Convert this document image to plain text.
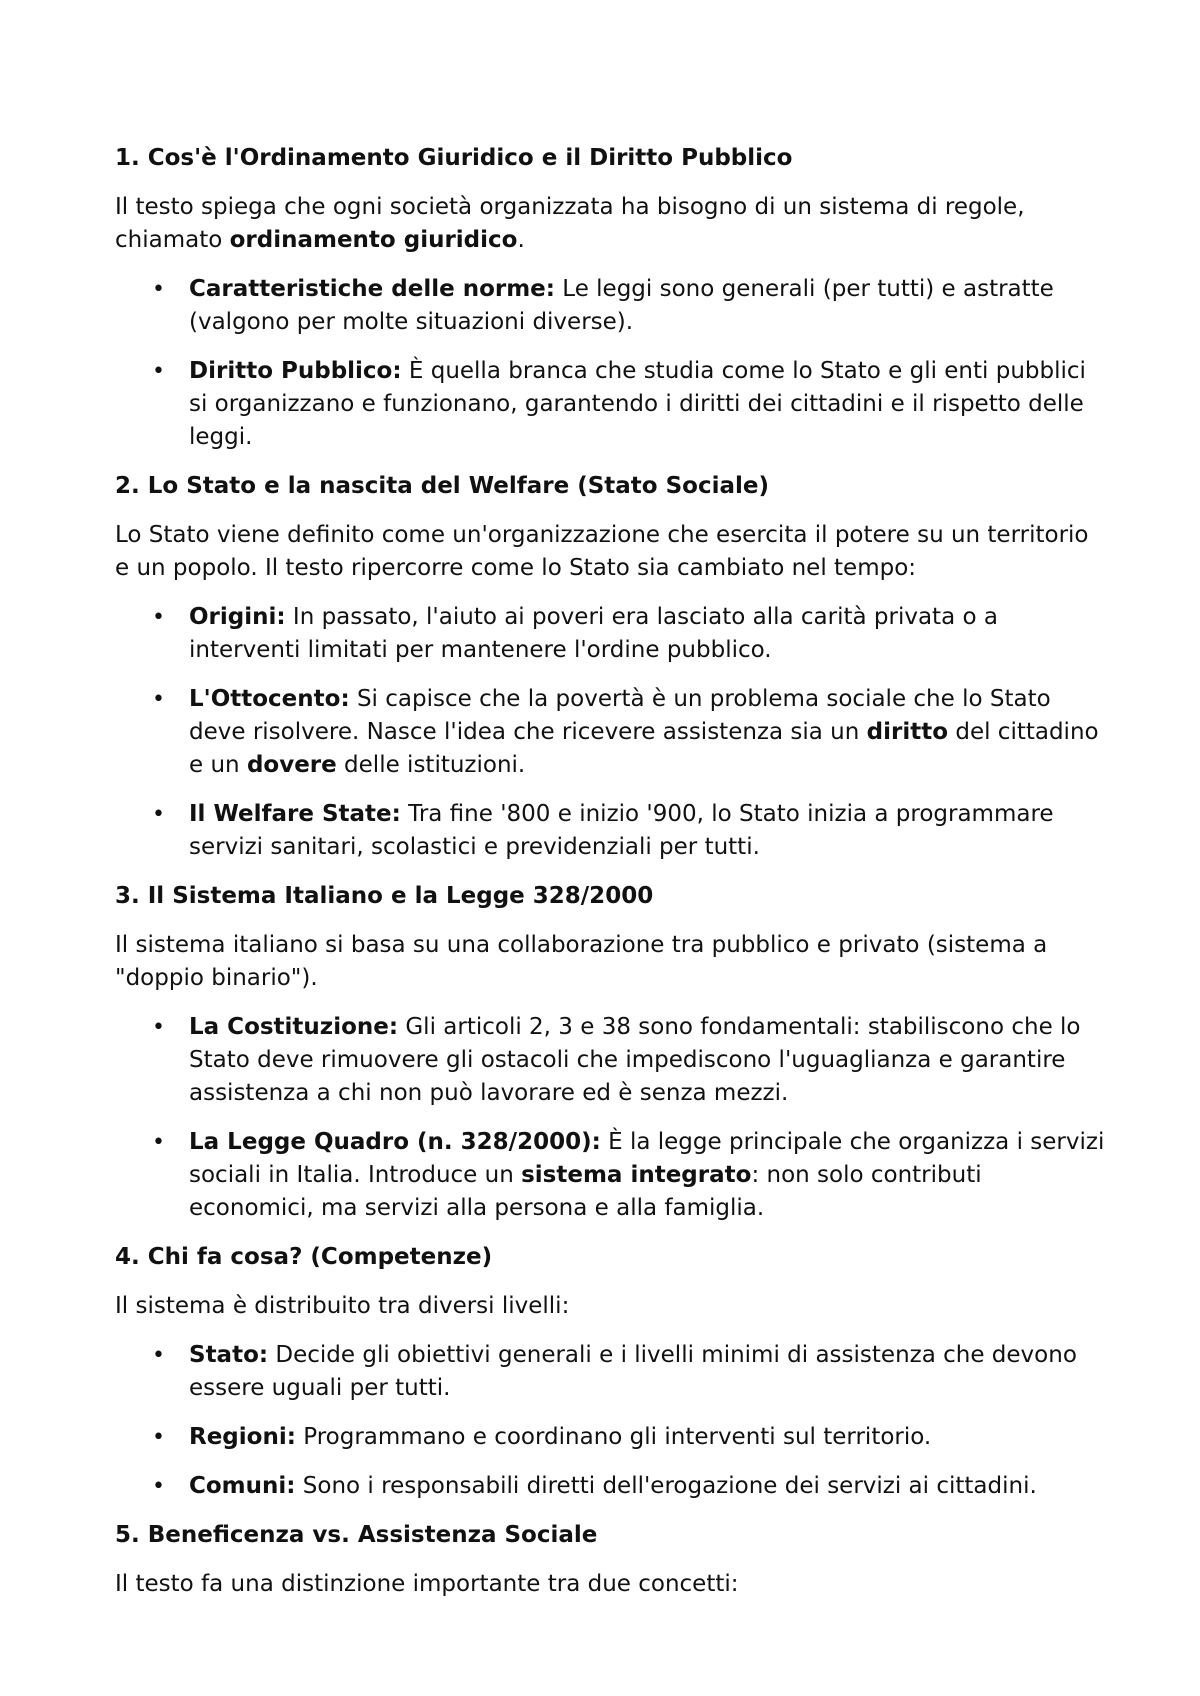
1. Cos'è l'Ordinamento Giuridico e il Diritto Pubblico

Il testo spiega che ogni società organizzata ha bisogno di un sistema di regole, chiamato ordinamento giuridico.

•	Caratteristiche delle norme: Le leggi sono generali (per tutti) e astratte (valgono per molte situazioni diverse).
•	Diritto Pubblico: È quella branca che studia come lo Stato e gli enti pubblici si organizzano e funzionano, garantendo i diritti dei cittadini e il rispetto delle leggi.
2. Lo Stato e la nascita del Welfare (Stato Sociale)

Lo Stato viene definito come un'organizzazione che esercita il potere su un territorio e un popolo. Il testo ripercorre come lo Stato sia cambiato nel tempo:

•	Origini: In passato, l'aiuto ai poveri era lasciato alla carità privata o a interventi limitati per mantenere l'ordine pubblico.
•	L'Ottocento: Si capisce che la povertà è un problema sociale che lo Stato deve risolvere. Nasce l'idea che ricevere assistenza sia un diritto del cittadino e un dovere delle istituzioni.
•	Il Welfare State: Tra fine '800 e inizio '900, lo Stato inizia a programmare servizi sanitari, scolastici e previdenziali per tutti.
3. Il Sistema Italiano e la Legge 328/2000

Il sistema italiano si basa su una collaborazione tra pubblico e privato (sistema a "doppio binario").

•	La Costituzione: Gli articoli 2, 3 e 38 sono fondamentali: stabiliscono che lo Stato deve rimuovere gli ostacoli che impediscono l'uguaglianza e garantire assistenza a chi non può lavorare ed è senza mezzi.
•	La Legge Quadro (n. 328/2000): È la legge principale che organizza i servizi sociali in Italia. Introduce un sistema integrato: non solo contributi economici, ma servizi alla persona e alla famiglia.
4. Chi fa cosa? (Competenze)

Il sistema è distribuito tra diversi livelli:

•	Stato: Decide gli obiettivi generali e i livelli minimi di assistenza che devono essere uguali per tutti.
•	Regioni: Programmano e coordinano gli interventi sul territorio.
•	Comuni: Sono i responsabili diretti dell'erogazione dei servizi ai cittadini.
5. Beneficenza vs. Assistenza Sociale

Il testo fa una distinzione importante tra due concetti:
